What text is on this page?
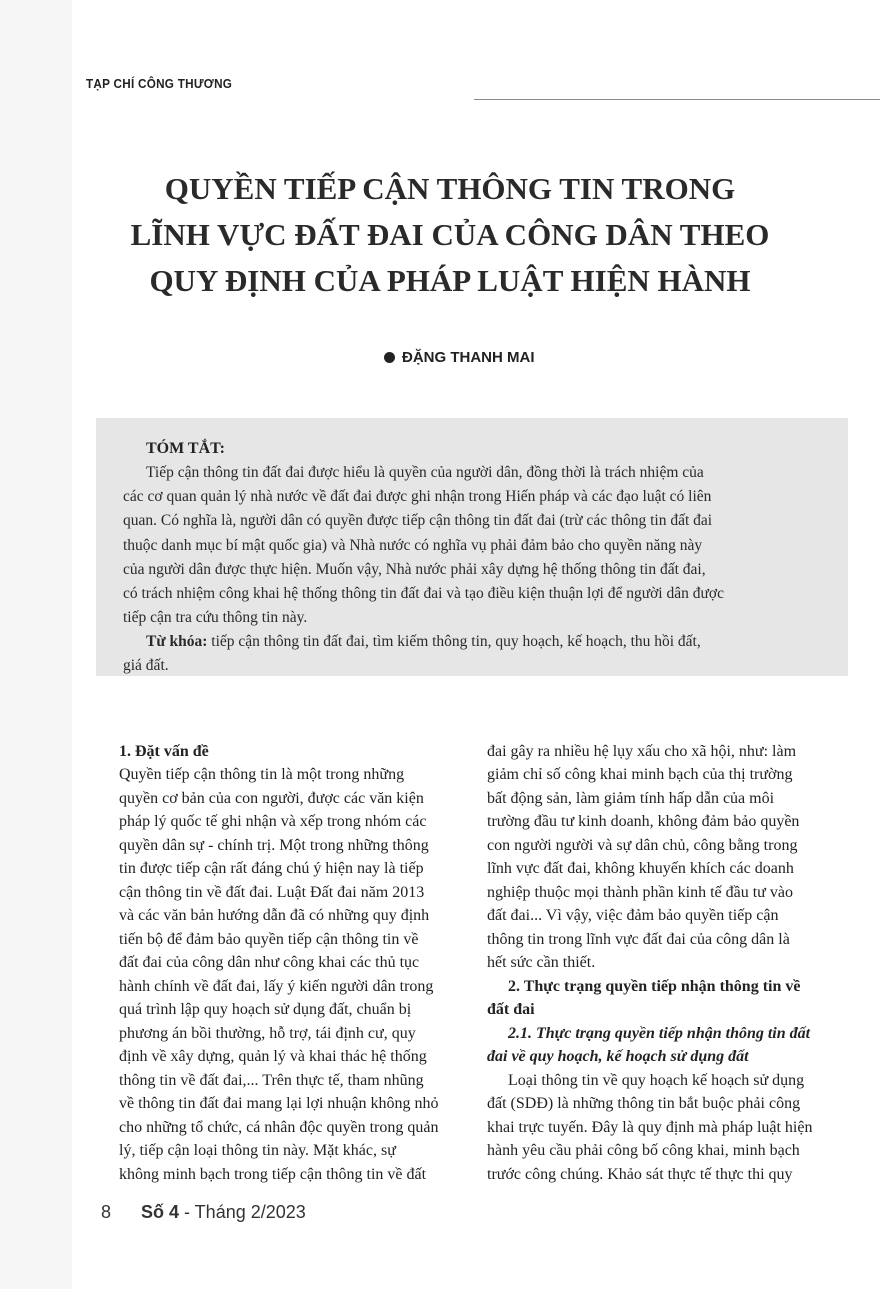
TẠP CHÍ CÔNG THƯƠNG
QUYỀN TIẾP CẬN THÔNG TIN TRONG
LĨNH VỰC ĐẤT ĐAI CỦA CÔNG DÂN THEO
QUY ĐỊNH CỦA PHÁP LUẬT HIỆN HÀNH
ĐẶNG THANH MAI
TÓM TẮT:
Tiếp cận thông tin đất đai được hiểu là quyền của người dân, đồng thời là trách nhiệm của
các cơ quan quản lý nhà nước về đất đai được ghi nhận trong Hiến pháp và các đạo luật có liên
quan. Có nghĩa là, người dân có quyền được tiếp cận thông tin đất đai (trừ các thông tin đất đai
thuộc danh mục bí mật quốc gia) và Nhà nước có nghĩa vụ phải đảm bảo cho quyền năng này
của người dân được thực hiện. Muốn vậy, Nhà nước phải xây dựng hệ thống thông tin đất đai,
có trách nhiệm công khai hệ thống thông tin đất đai và tạo điều kiện thuận lợi để người dân được
tiếp cận tra cứu thông tin này.
Từ khóa: tiếp cận thông tin đất đai, tìm kiếm thông tin, quy hoạch, kế hoạch, thu hồi đất,
giá đất.
1. Đặt vấn đề
Quyền tiếp cận thông tin là một trong những
quyền cơ bản của con người, được các văn kiện
pháp lý quốc tế ghi nhận và xếp trong nhóm các
quyền dân sự - chính trị. Một trong những thông
tin được tiếp cận rất đáng chú ý hiện nay là tiếp
cận thông tin về đất đai. Luật Đất đai năm 2013
và các văn bản hướng dẫn đã có những quy định
tiến bộ để đảm bảo quyền tiếp cận thông tin về
đất đai của công dân như công khai các thủ tục
hành chính về đất đai, lấy ý kiến người dân trong
quá trình lập quy hoạch sử dụng đất, chuẩn bị
phương án bồi thường, hỗ trợ, tái định cư, quy
định về xây dựng, quản lý và khai thác hệ thống
thông tin về đất đai,... Trên thực tế, tham nhũng
về thông tin đất đai mang lại lợi nhuận không nhỏ
cho những tổ chức, cá nhân độc quyền trong quản
lý, tiếp cận loại thông tin này. Mặt khác, sự
không minh bạch trong tiếp cận thông tin về đất
đai gây ra nhiều hệ lụy xấu cho xã hội, như: làm
giảm chỉ số công khai minh bạch của thị trường
bất động sản, làm giảm tính hấp dẫn của môi
trường đầu tư kinh doanh, không đảm bảo quyền
con người người và sự dân chủ, công bằng trong
lĩnh vực đất đai, không khuyến khích các doanh
nghiệp thuộc mọi thành phần kinh tế đầu tư vào
đất đai... Vì vậy, việc đảm bảo quyền tiếp cận
thông tin trong lĩnh vực đất đai của công dân là
hết sức cần thiết.
2. Thực trạng quyền tiếp nhận thông tin về
đất đai
2.1. Thực trạng quyền tiếp nhận thông tin đất
đai về quy hoạch, kế hoạch sử dụng đất
Loại thông tin về quy hoạch kế hoạch sử dụng
đất (SDĐ) là những thông tin bắt buộc phải công
khai trực tuyến. Đây là quy định mà pháp luật hiện
hành yêu cầu phải công bố công khai, minh bạch
trước công chúng. Khảo sát thực tế thực thi quy
8 Số 4 - Tháng 2/2023
